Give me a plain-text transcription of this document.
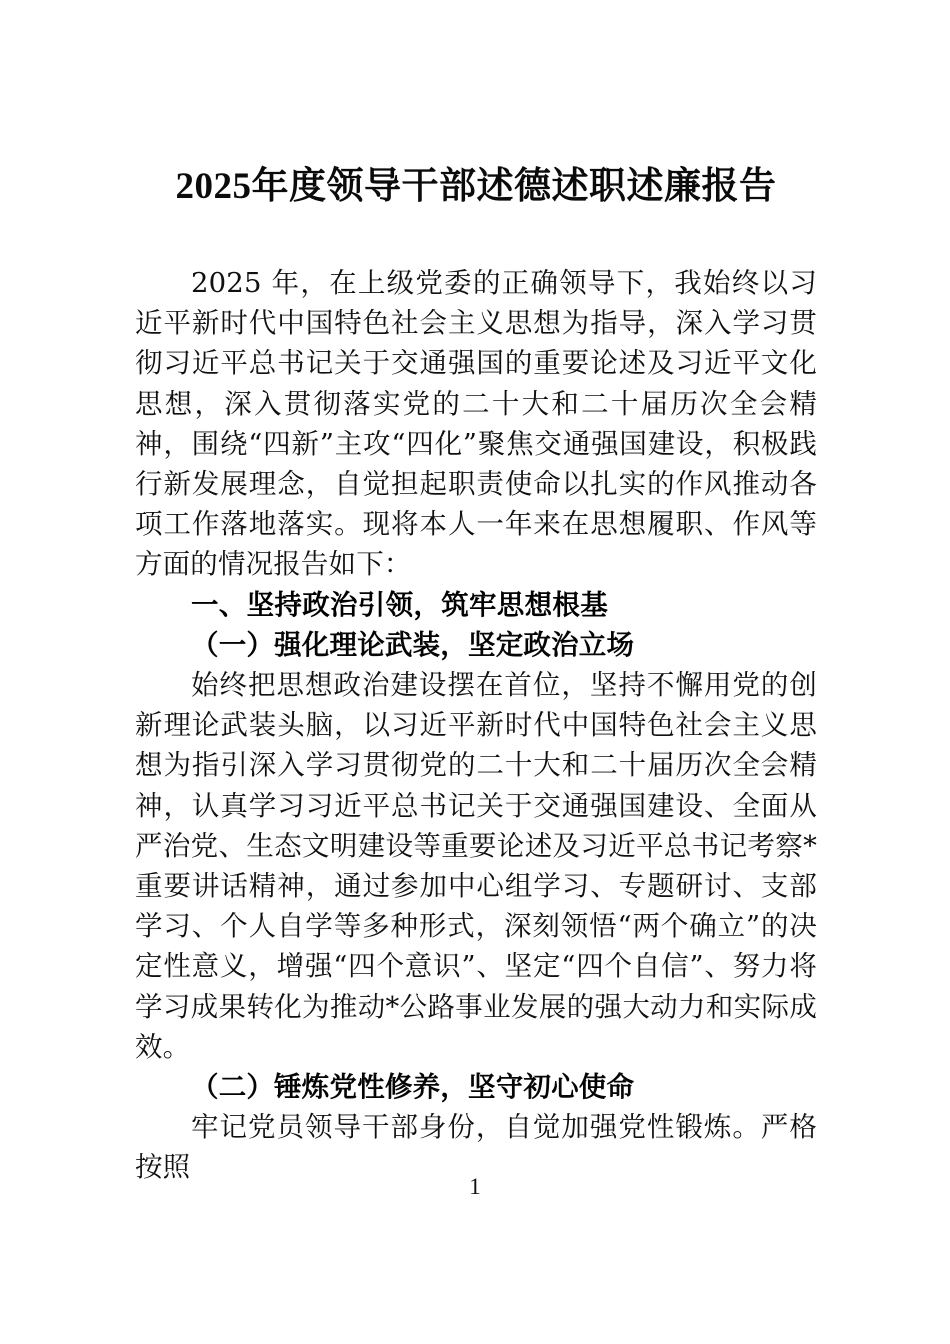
2025年度领导干部述德述职述廉报告

2025 年，在上级党委的正确领导下，我始终以习近平新时代中国特色社会主义思想为指导，深入学习贯彻习近平总书记关于交通强国的重要论述及习近平文化思想，深入贯彻落实党的二十大和二十届历次全会精神，围绕“四新”主攻“四化”聚焦交通强国建设，积极践行新发展理念，自觉担起职责使命以扎实的作风推动各项工作落地落实。现将本人一年来在思想履职、作风等方面的情况报告如下：

一、坚持政治引领，筑牢思想根基
（一）强化理论武装，坚定政治立场

始终把思想政治建设摆在首位，坚持不懈用党的创新理论武装头脑，以习近平新时代中国特色社会主义思想为指引深入学习贯彻党的二十大和二十届历次全会精神，认真学习习近平总书记关于交通强国建设、全面从严治党、生态文明建设等重要论述及习近平总书记考察*重要讲话精神，通过参加中心组学习、专题研讨、支部学习、个人自学等多种形式，深刻领悟“两个确立”的决定性意义，增强“四个意识”、坚定“四个自信”、努力将学习成果转化为推动*公路事业发展的强大动力和实际成效。

（二）锤炼党性修养，坚守初心使命

牢记党员领导干部身份，自觉加强党性锻炼。严格按照

1
